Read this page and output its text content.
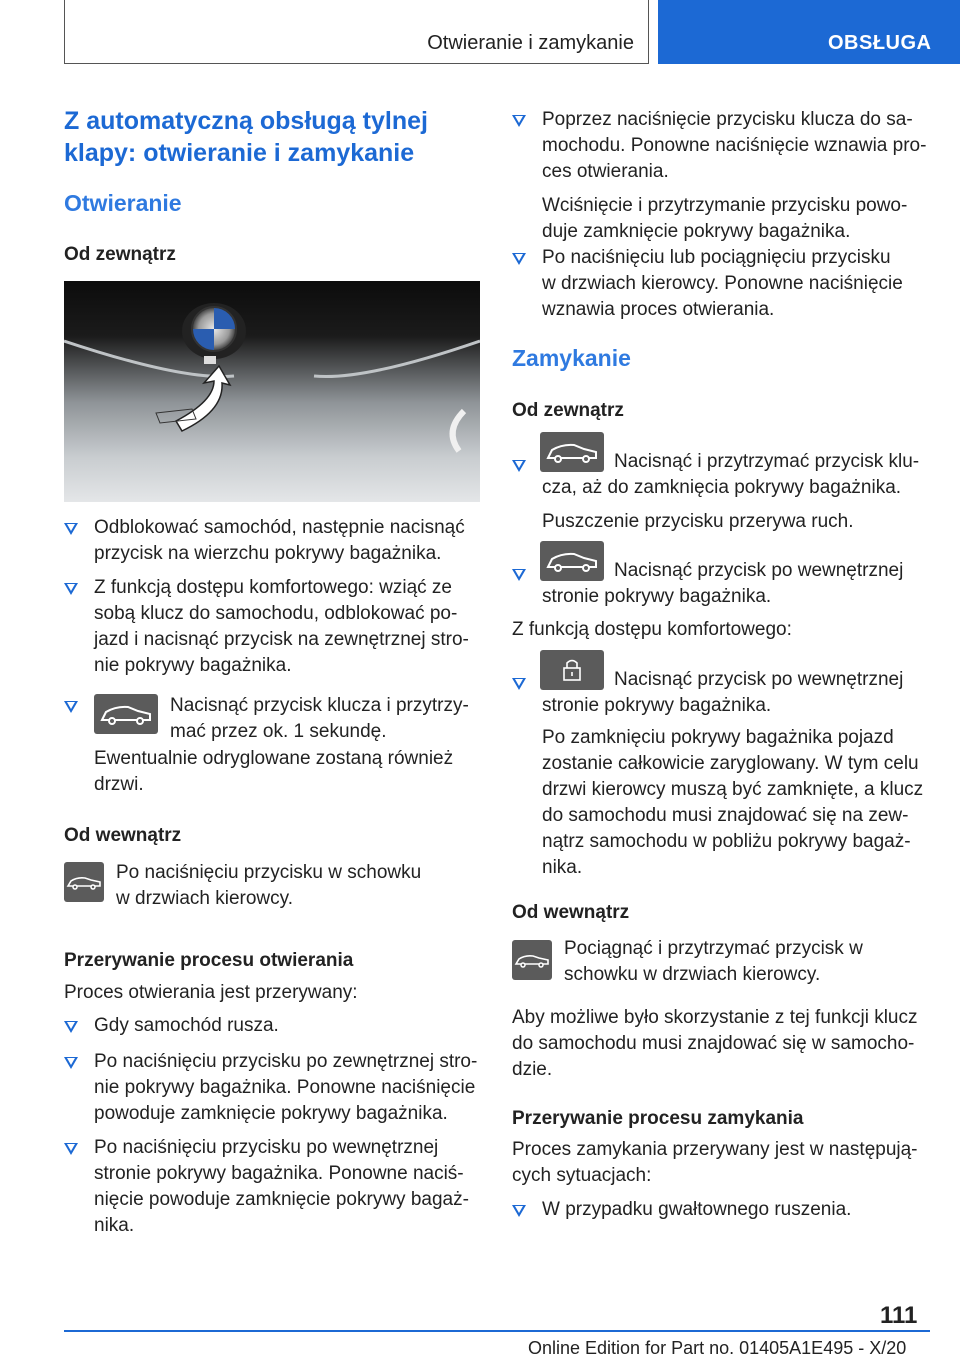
Otwieranie i zamykanie	OBSŁUGA
Z automatyczną obsługą tylnej
klapy: otwieranie i zamykanie
Otwieranie
Od zewnątrz
Odblokować samochód, następnie nacisnąć
przycisk na wierzchu pokrywy bagażnika.
Z funkcją dostępu komfortowego: wziąć ze
sobą klucz do samochodu, odblokować po-
jazd i nacisnąć przycisk na zewnętrznej stro-
nie pokrywy bagażnika.
Nacisnąć przycisk klucza i przytrzy-
mać przez ok. 1 sekundę.
Ewentualnie odryglowane zostaną również
drzwi.
Od wewnątrz
Po naciśnięciu przycisku w schowku
w drzwiach kierowcy.
Przerywanie procesu otwierania
Proces otwierania jest przerywany:
Gdy samochód rusza.
Po naciśnięciu przycisku po zewnętrznej stro-
nie pokrywy bagażnika. Ponowne naciśnięcie
powoduje zamknięcie pokrywy bagażnika.
Po naciśnięciu przycisku po wewnętrznej
stronie pokrywy bagażnika. Ponowne naciś-
nięcie powoduje zamknięcie pokrywy bagaż-
nika.
Poprzez naciśnięcie przycisku klucza do sa-
mochodu. Ponowne naciśnięcie wznawia pro-
ces otwierania.
Wciśnięcie i przytrzymanie przycisku powo-
duje zamknięcie pokrywy bagażnika.
Po naciśnięciu lub pociągnięciu przycisku
w drzwiach kierowcy. Ponowne naciśnięcie
wznawia proces otwierania.
Zamykanie
Od zewnątrz
Nacisnąć i przytrzymać przycisk klu-
cza, aż do zamknięcia pokrywy bagażnika.
Puszczenie przycisku przerywa ruch.
Nacisnąć przycisk po wewnętrznej
stronie pokrywy bagażnika.
Z funkcją dostępu komfortowego:
Nacisnąć przycisk po wewnętrznej
stronie pokrywy bagażnika.
Po zamknięciu pokrywy bagażnika pojazd
zostanie całkowicie zaryglowany. W tym celu
drzwi kierowcy muszą być zamknięte, a klucz
do samochodu musi znajdować się na zew-
nątrz samochodu w pobliżu pokrywy bagaż-
nika.
Od wewnątrz
Pociągnąć i przytrzymać przycisk w
schowku w drzwiach kierowcy.
Aby możliwe było skorzystanie z tej funkcji klucz
do samochodu musi znajdować się w samocho-
dzie.
Przerywanie procesu zamykania
Proces zamykania przerywany jest w następują-
cych sytuacjach:
W przypadku gwałtownego ruszenia.
111
Online Edition for Part no. 01405A1E495 - X/20
